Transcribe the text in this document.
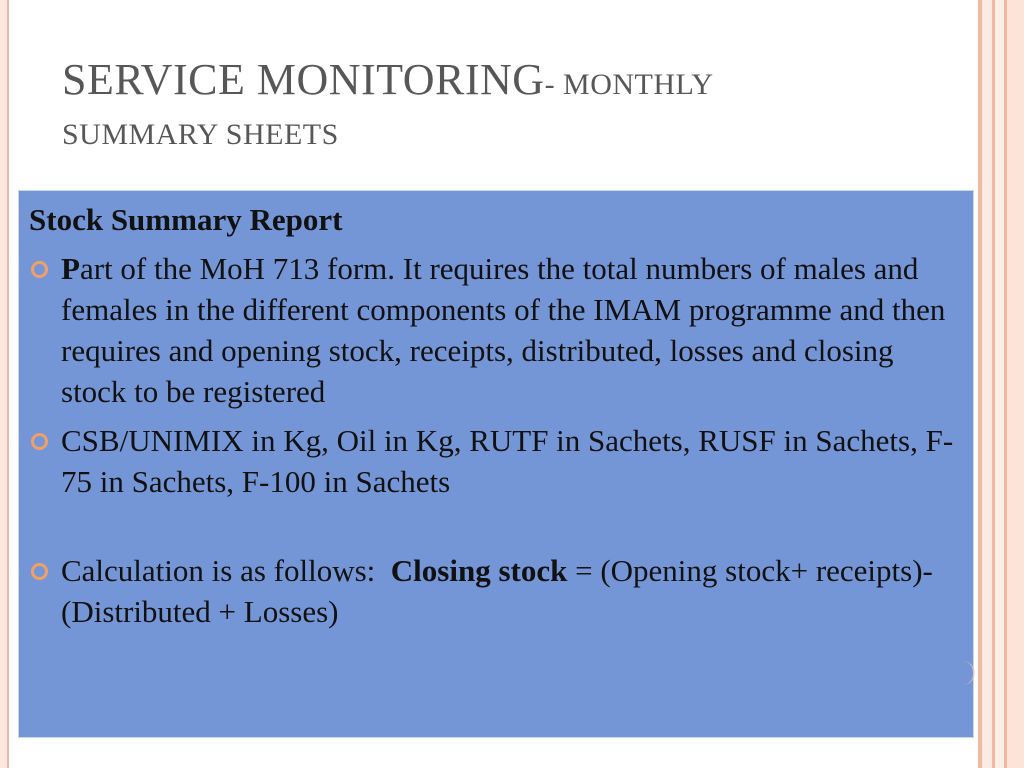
SERVICE MONITORING- MONTHLY
SUMMARY SHEETS
Stock Summary Report
Part of the MoH 713 form. It requires the total numbers of males and females in the different components of the IMAM programme and then requires and opening stock, receipts, distributed, losses and closing stock to be registered
CSB/UNIMIX in Kg, Oil in Kg, RUTF in Sachets, RUSF in Sachets, F-75 in Sachets, F-100 in Sachets
Calculation is as follows:  Closing stock = (Opening stock+ receipts)-(Distributed + Losses)
